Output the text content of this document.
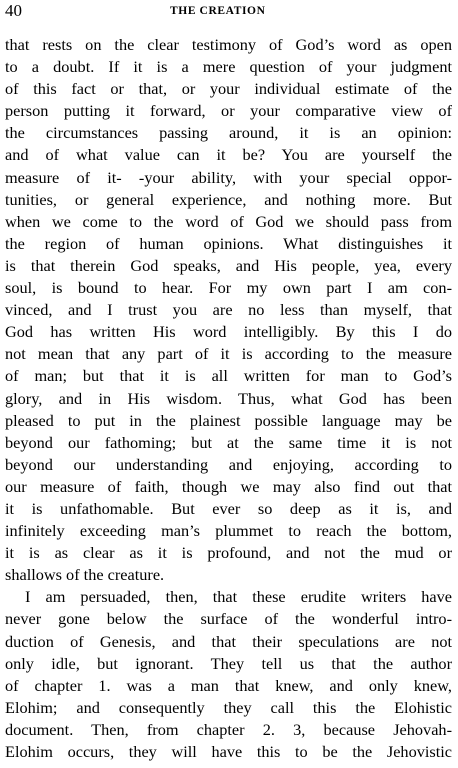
40	THE CREATION
that rests on the clear testimony of God’s word as open
to a doubt. If it is a mere question of your judgment
of this fact or that, or your individual estimate of the
person putting it forward, or your comparative view of
the circumstances passing around, it is an opinion:
and of what value can it be? You are yourself the
measure of it- -your ability, with your special oppor-
tunities, or general experience, and nothing more. But
when we come to the word of God we should pass from
the region of human opinions. What distinguishes it
is that therein God speaks, and His people, yea, every
soul, is bound to hear. For my own part I am con-
vinced, and I trust you are no less than myself, that
God has written His word intelligibly. By this I do
not mean that any part of it is according to the measure
of man; but that it is all written for man to God’s
glory, and in His wisdom. Thus, what God has been
pleased to put in the plainest possible language may be
beyond our fathoming; but at the same time it is not
beyond our understanding and enjoying, according to
our measure of faith, though we may also find out that
it is unfathomable. But ever so deep as it is, and
infinitely exceeding man’s plummet to reach the bottom,
it is as clear as it is profound, and not the mud or
shallows of the creature.
I am persuaded, then, that these erudite writers have
never gone below the surface of the wonderful intro-
duction of Genesis, and that their speculations are not
only idle, but ignorant. They tell us that the author
of chapter 1. was a man that knew, and only knew,
Elohim; and consequently they call this the Elohistic
document. Then, from chapter 2. 3, because Jehovah-
Elohim occurs, they will have this to be the Jehovistic
